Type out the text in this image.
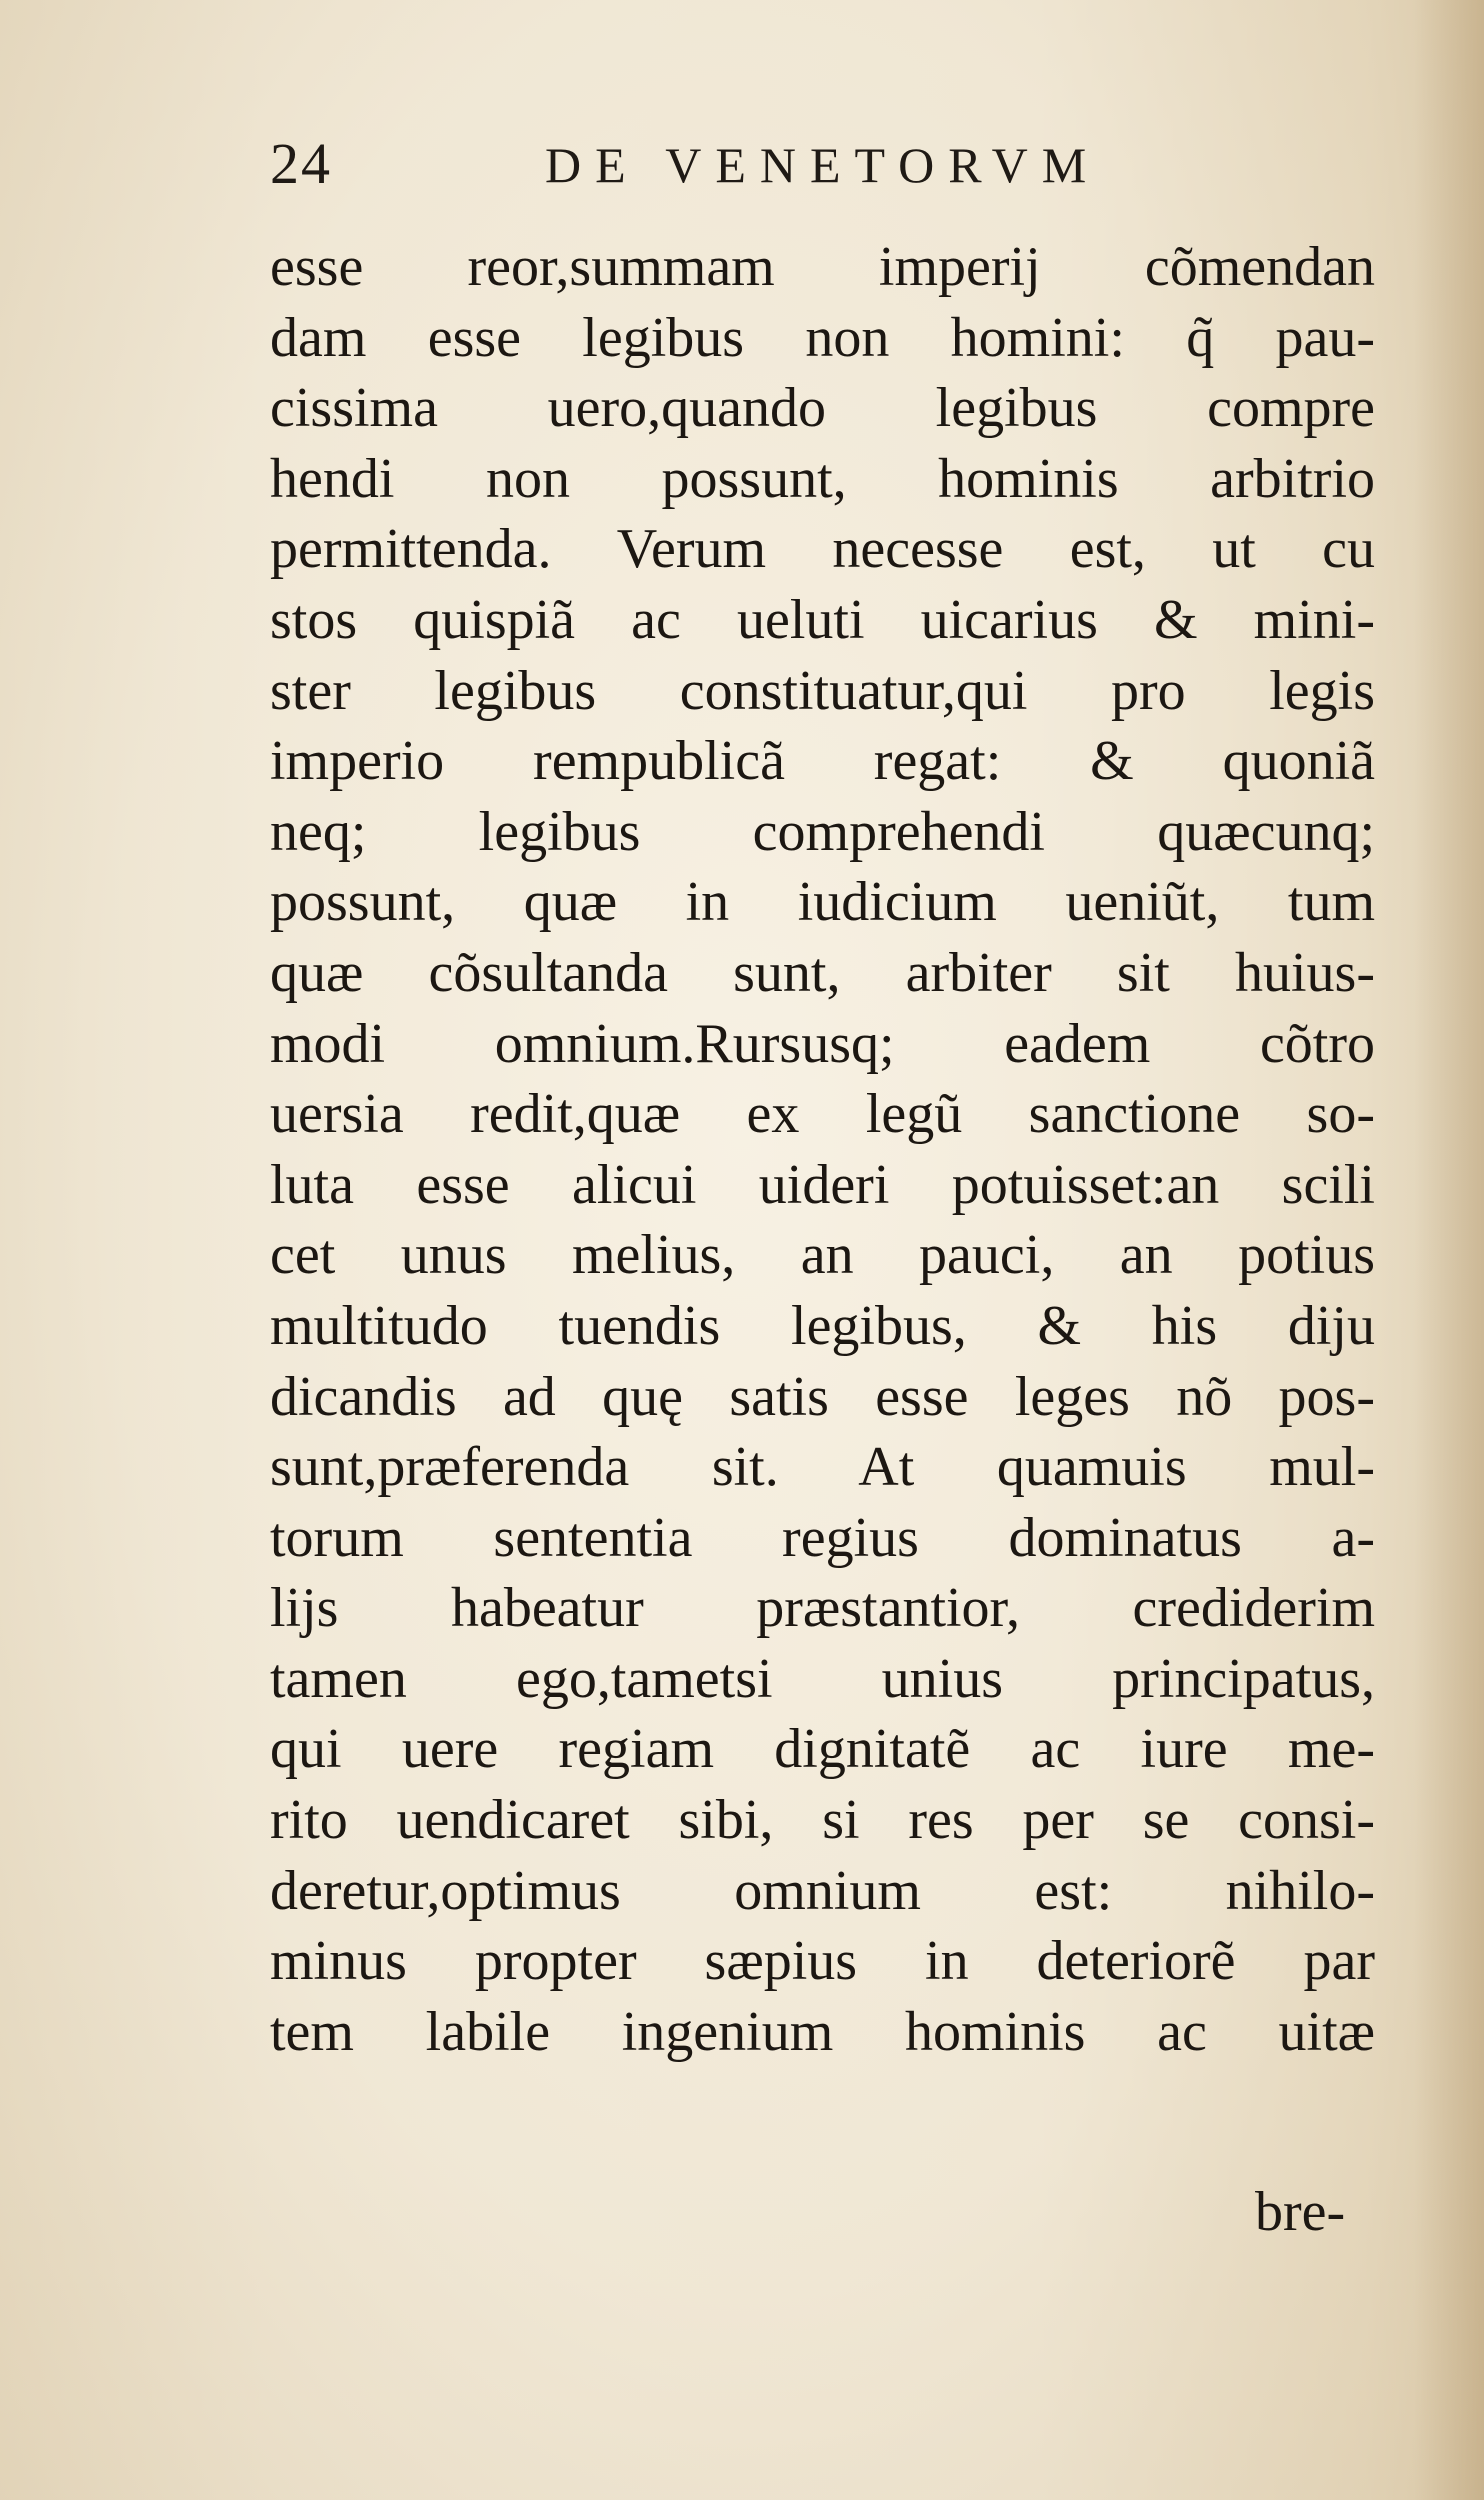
24	DE VENETORVM
esse reor,summam imperij cõmendan
dam esse legibus non homini: q̃ pau-
cissima uero,quando legibus compre
hendi non possunt, hominis arbitrio
permittenda. Verum necesse est, ut cu
stos quispiã ac ueluti uicarius & mini-
ster legibus constituatur,qui pro legis
imperio rempublicã regat: & quoniã
neq; legibus comprehendi quæcunq;
possunt, quæ in iudicium ueniũt, tum
quæ cõsultanda sunt, arbiter sit huius-
modi omnium.Rursusq; eadem cõtro
uersia redit,quæ ex legũ sanctione so-
luta esse alicui uideri potuisset:an scili
cet unus melius, an pauci, an potius
multitudo tuendis legibus, & his diju
dicandis ad quę satis esse leges nõ pos-
sunt,præferenda sit. At quamuis mul-
torum sententia regius dominatus a-
lijs habeatur præstantior, crediderim
tamen ego,tametsi unius principatus,
qui uere regiam dignitatẽ ac iure me-
rito uendicaret sibi, si res per se consi-
deretur,optimus omnium est: nihilo-
minus propter sæpius in deteriorẽ par
tem labile ingenium hominis ac uitæ
bre-
